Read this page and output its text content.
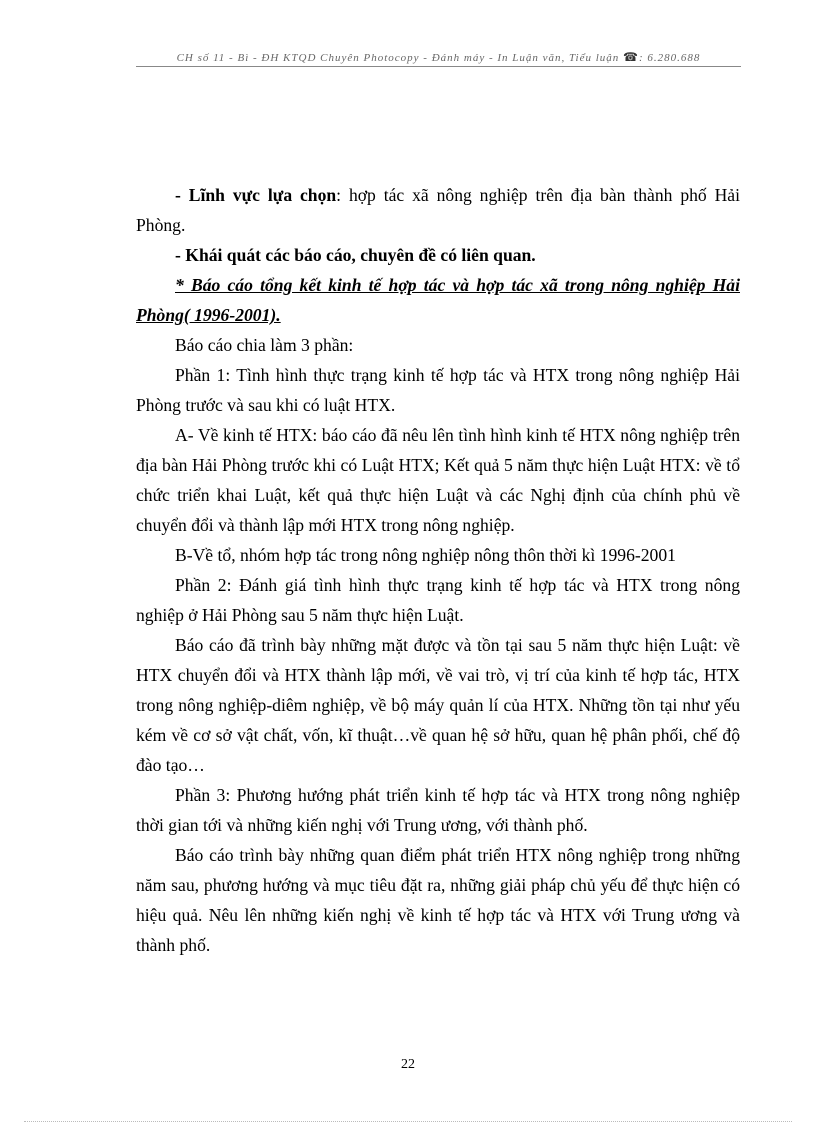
CH số 11 - Bì - ĐH KTQD Chuyên Photocopy - Đánh máy - In Luận văn, Tiểu luận ☎: 6.280.688

- Lĩnh vực lựa chọn: hợp tác xã nông nghiệp trên địa bàn thành phố Hải Phòng.

- Khái quát các báo cáo, chuyên đề có liên quan.

* Báo cáo tổng kết kinh tế hợp tác và hợp tác xã trong nông nghiệp Hải Phòng( 1996-2001).

Báo cáo chia làm 3 phần:

Phần 1: Tình hình thực trạng kinh tế hợp tác và HTX trong nông nghiệp Hải Phòng trước và sau khi có luật HTX.

A- Về kinh tế HTX: báo cáo đã nêu lên tình hình kinh tế HTX nông nghiệp trên địa bàn Hải Phòng trước khi có Luật HTX; Kết quả 5 năm thực hiện Luật HTX: về tổ chức triển khai Luật, kết quả thực hiện Luật và các Nghị định của chính phủ về chuyển đổi và thành lập mới HTX trong nông nghiệp.

B-Về tổ, nhóm hợp tác trong nông nghiệp nông thôn thời kì 1996-2001

Phần 2: Đánh giá tình hình thực trạng kinh tế hợp tác và HTX trong nông nghiệp ở Hải Phòng sau 5 năm thực hiện Luật.

Báo cáo đã trình bày những mặt được và tồn tại sau 5 năm thực hiện Luật: về HTX chuyển đổi và HTX thành lập mới, về vai trò, vị trí của kinh tế hợp tác, HTX trong nông nghiệp-diêm nghiệp, về bộ máy quản lí của HTX. Những tồn tại như yếu kém về cơ sở vật chất, vốn, kĩ thuật…về quan hệ sở hữu, quan hệ phân phối, chế độ đào tạo…

Phần 3: Phương hướng phát triển kinh tế hợp tác và HTX trong nông nghiệp thời gian tới và những kiến nghị với Trung ương, với thành phố.

Báo cáo trình bày những quan điểm phát triển HTX nông nghiệp trong những năm sau, phương hướng và mục tiêu đặt ra, những giải pháp chủ yếu để thực hiện có hiệu quả. Nêu lên những kiến nghị về kinh tế hợp tác và HTX với Trung ương và thành phố.

22
